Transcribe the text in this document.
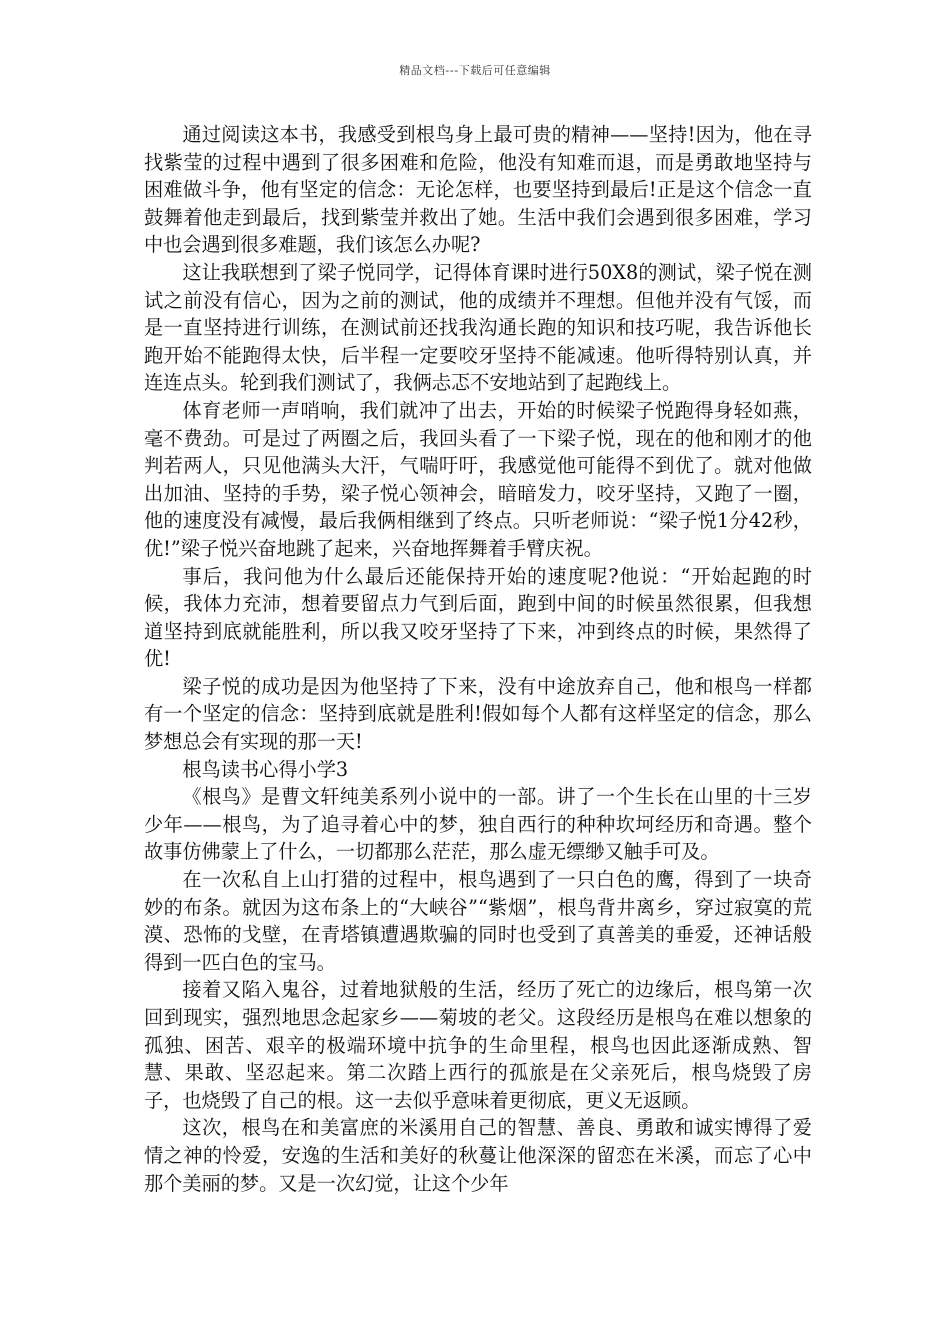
精品文档---下载后可任意编辑

通过阅读这本书，我感受到根鸟身上最可贵的精神——坚持!因为，他在寻找紫莹的过程中遇到了很多困难和危险，他没有知难而退，而是勇敢地坚持与困难做斗争，他有坚定的信念：无论怎样，也要坚持到最后!正是这个信念一直鼓舞着他走到最后，找到紫莹并救出了她。生活中我们会遇到很多困难，学习中也会遇到很多难题，我们该怎么办呢?

这让我联想到了梁子悦同学，记得体育课时进行50X8的测试，梁子悦在测试之前没有信心，因为之前的测试，他的成绩并不理想。但他并没有气馁，而是一直坚持进行训练，在测试前还找我沟通长跑的知识和技巧呢，我告诉他长跑开始不能跑得太快，后半程一定要咬牙坚持不能减速。他听得特别认真，并连连点头。轮到我们测试了，我俩忐忑不安地站到了起跑线上。

体育老师一声哨响，我们就冲了出去，开始的时候梁子悦跑得身轻如燕，毫不费劲。可是过了两圈之后，我回头看了一下梁子悦，现在的他和刚才的他判若两人，只见他满头大汗，气喘吁吁，我感觉他可能得不到优了。就对他做出加油、坚持的手势，梁子悦心领神会，暗暗发力，咬牙坚持，又跑了一圈，他的速度没有减慢，最后我俩相继到了终点。只听老师说：“梁子悦1分42秒，优!”梁子悦兴奋地跳了起来，兴奋地挥舞着手臂庆祝。

事后，我问他为什么最后还能保持开始的速度呢?他说：“开始起跑的时候，我体力充沛，想着要留点力气到后面，跑到中间的时候虽然很累，但我想道坚持到底就能胜利，所以我又咬牙坚持了下来，冲到终点的时候，果然得了优!

梁子悦的成功是因为他坚持了下来，没有中途放弃自己，他和根鸟一样都有一个坚定的信念：坚持到底就是胜利!假如每个人都有这样坚定的信念，那么梦想总会有实现的那一天!

根鸟读书心得小学3

《根鸟》是曹文轩纯美系列小说中的一部。讲了一个生长在山里的十三岁少年——根鸟，为了追寻着心中的梦，独自西行的种种坎坷经历和奇遇。整个故事仿佛蒙上了什么，一切都那么茫茫，那么虚无缥缈又触手可及。

在一次私自上山打猎的过程中，根鸟遇到了一只白色的鹰，得到了一块奇妙的布条。就因为这布条上的“大峡谷”“紫烟”，根鸟背井离乡，穿过寂寞的荒漠、恐怖的戈壁，在青塔镇遭遇欺骗的同时也受到了真善美的垂爱，还神话般得到一匹白色的宝马。

接着又陷入鬼谷，过着地狱般的生活，经历了死亡的边缘后，根鸟第一次回到现实，强烈地思念起家乡——菊坡的老父。这段经历是根鸟在难以想象的孤独、困苦、艰辛的极端环境中抗争的生命里程，根鸟也因此逐渐成熟、智慧、果敢、坚忍起来。第二次踏上西行的孤旅是在父亲死后，根鸟烧毁了房子，也烧毁了自己的根。这一去似乎意味着更彻底，更义无返顾。

这次，根鸟在和美富庶的米溪用自己的智慧、善良、勇敢和诚实博得了爱情之神的怜爱，安逸的生活和美好的秋蔓让他深深的留恋在米溪，而忘了心中那个美丽的梦。又是一次幻觉，让这个少年
